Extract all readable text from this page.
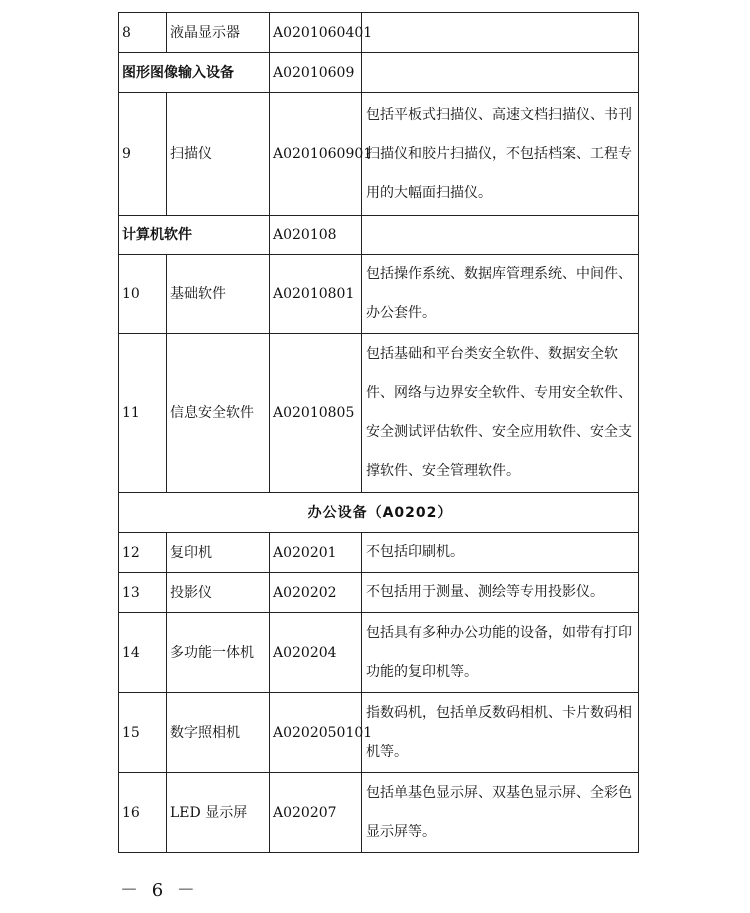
8	液晶显示器	A0201060401	
图形图像输入设备		A02010609	
9	扫描仪	A0201060901	包括平板式扫描仪、高速文档扫描仪、书刊扫描仪和胶片扫描仪，不包括档案、工程专用的大幅面扫描仪。
计算机软件		A020108	
10	基础软件	A02010801	包括操作系统、数据库管理系统、中间件、办公套件。
11	信息安全软件	A02010805	包括基础和平台类安全软件、数据安全软件、网络与边界安全软件、专用安全软件、安全测试评估软件、安全应用软件、安全支撑软件、安全管理软件。
办公设备（A0202）			
12	复印机	A020201	不包括印刷机。
13	投影仪	A020202	不包括用于测量、测绘等专用投影仪。
14	多功能一体机	A020204	包括具有多种办公功能的设备，如带有打印功能的复印机等。
15	数字照相机	A0202050101	指数码机，包括单反数码相机、卡片数码相机等。
16	LED 显示屏	A020207	包括单基色显示屏、双基色显示屏、全彩色显示屏等。
－ 6 －
